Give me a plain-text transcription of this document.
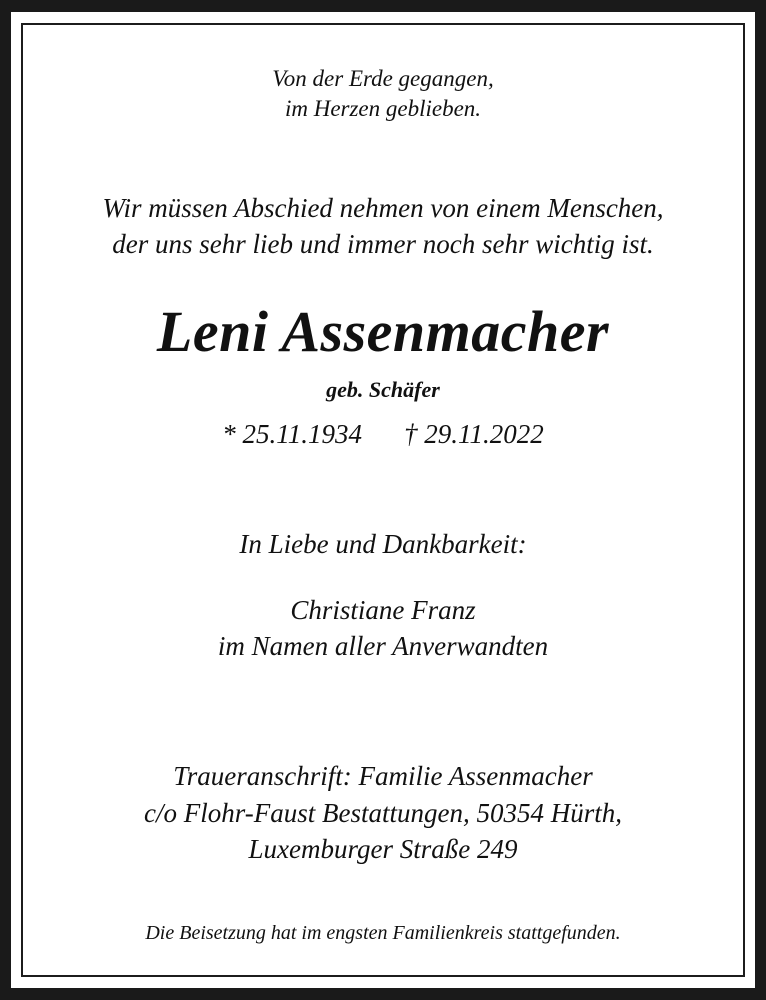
Von der Erde gegangen,
im Herzen geblieben.
Wir müssen Abschied nehmen von einem Menschen,
der uns sehr lieb und immer noch sehr wichtig ist.
Leni Assenmacher
geb. Schäfer
* 25.11.1934 † 29.11.2022
In Liebe und Dankbarkeit:
Christiane Franz
im Namen aller Anverwandten
Traueranschrift: Familie Assenmacher
c/o Flohr-Faust Bestattungen, 50354 Hürth,
Luxemburger Straße 249
Die Beisetzung hat im engsten Familienkreis stattgefunden.
